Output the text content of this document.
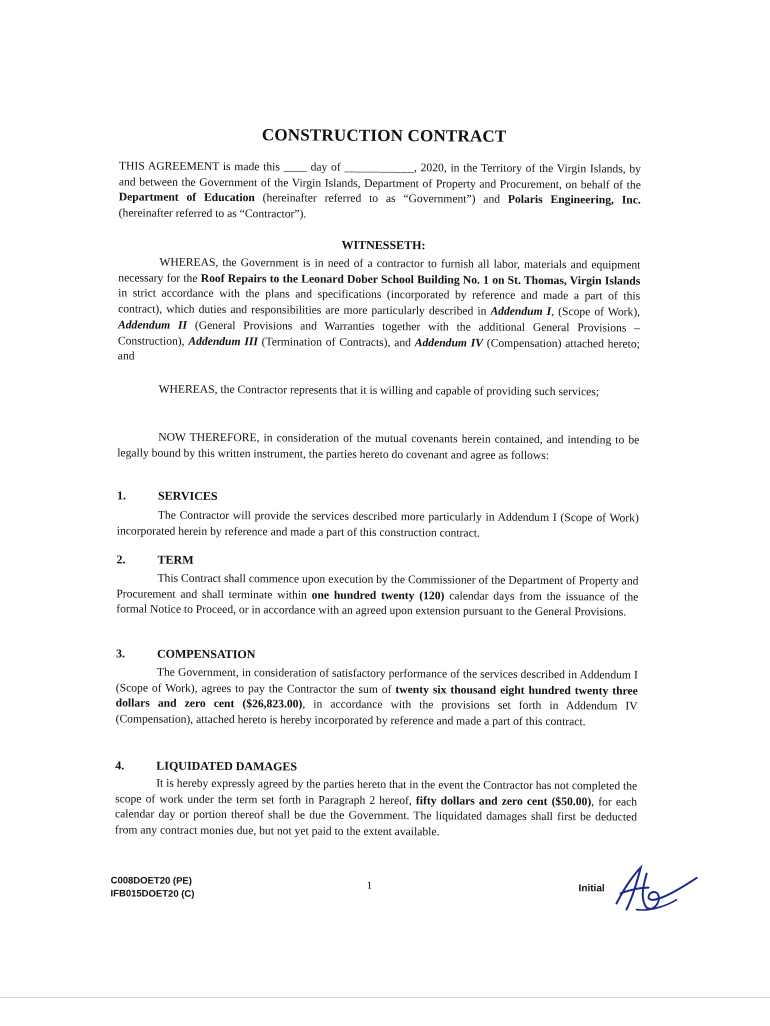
CONSTRUCTION CONTRACT
THIS AGREEMENT is made this ____ day of ____________, 2020, in the Territory of the Virgin Islands, by and between the Government of the Virgin Islands, Department of Property and Procurement, on behalf of the Department of Education (hereinafter referred to as “Government”) and Polaris Engineering, Inc. (hereinafter referred to as “Contractor”).
WITNESSETH:
WHEREAS, the Government is in need of a contractor to furnish all labor, materials and equipment necessary for the Roof Repairs to the Leonard Dober School Building No. 1 on St. Thomas, Virgin Islands in strict accordance with the plans and specifications (incorporated by reference and made a part of this contract), which duties and responsibilities are more particularly described in Addendum I, (Scope of Work), Addendum II (General Provisions and Warranties together with the additional General Provisions – Construction), Addendum III (Termination of Contracts), and Addendum IV (Compensation) attached hereto; and
WHEREAS, the Contractor represents that it is willing and capable of providing such services;
NOW THEREFORE, in consideration of the mutual covenants herein contained, and intending to be legally bound by this written instrument, the parties hereto do covenant and agree as follows:
1.	SERVICES
The Contractor will provide the services described more particularly in Addendum I (Scope of Work) incorporated herein by reference and made a part of this construction contract.
2.	TERM
This Contract shall commence upon execution by the Commissioner of the Department of Property and Procurement and shall terminate within one hundred twenty (120) calendar days from the issuance of the formal Notice to Proceed, or in accordance with an agreed upon extension pursuant to the General Provisions.
3.	COMPENSATION
The Government, in consideration of satisfactory performance of the services described in Addendum I (Scope of Work), agrees to pay the Contractor the sum of twenty six thousand eight hundred twenty three dollars and zero cent ($26,823.00), in accordance with the provisions set forth in Addendum IV (Compensation), attached hereto is hereby incorporated by reference and made a part of this contract.
4.	LIQUIDATED DAMAGES
It is hereby expressly agreed by the parties hereto that in the event the Contractor has not completed the scope of work under the term set forth in Paragraph 2 hereof, fifty dollars and zero cent ($50.00), for each calendar day or portion thereof shall be due the Government. The liquidated damages shall first be deducted from any contract monies due, but not yet paid to the extent available.
C008DOET20 (PE)
IFB015DOET20 (C)
1	Initial
